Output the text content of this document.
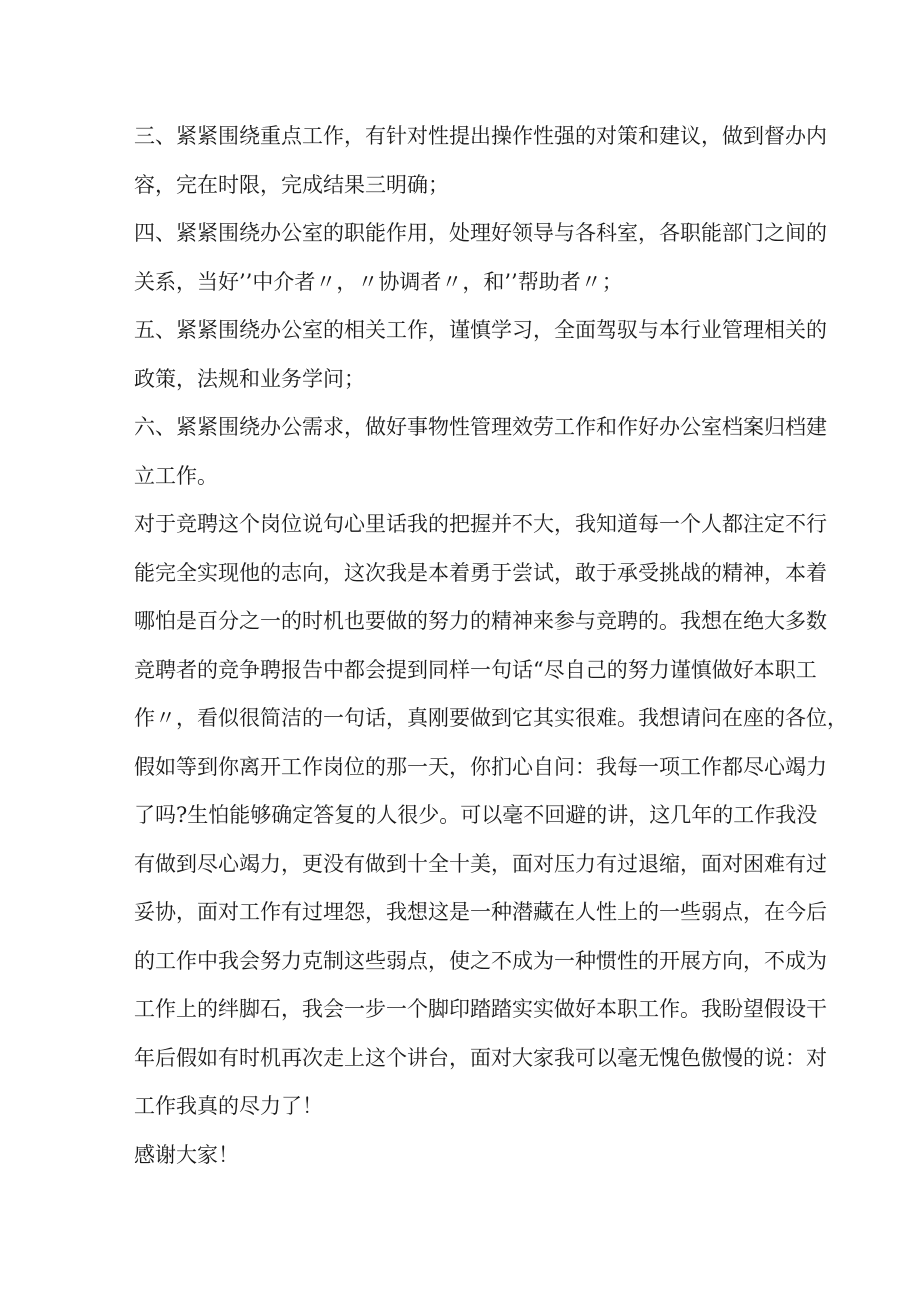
三、紧紧围绕重点工作，有针对性提出操作性强的对策和建议，做到督办内
容，完在时限，完成结果三明确；
四、紧紧围绕办公室的职能作用，处理好领导与各科室，各职能部门之间的
关系，当好’’中介者〃，〃协调者〃，和’’帮助者〃；
五、紧紧围绕办公室的相关工作，谨慎学习，全面驾驭与本行业管理相关的
政策，法规和业务学问；
六、紧紧围绕办公需求，做好事物性管理效劳工作和作好办公室档案归档建
立工作。
对于竞聘这个岗位说句心里话我的把握并不大，我知道每一个人都注定不行
能完全实现他的志向，这次我是本着勇于尝试，敢于承受挑战的精神，本着
哪怕是百分之一的时机也要做的努力的精神来参与竞聘的。我想在绝大多数
竞聘者的竞争聘报告中都会提到同样一句话“尽自己的努力谨慎做好本职工
作〃，看似很简洁的一句话，真刚要做到它其实很难。我想请问在座的各位，
假如等到你离开工作岗位的那一天，你扪心自问：我每一项工作都尽心竭力
了吗?生怕能够确定答复的人很少。可以毫不回避的讲，这几年的工作我没
有做到尽心竭力，更没有做到十全十美，面对压力有过退缩，面对困难有过
妥协，面对工作有过埋怨，我想这是一种潜藏在人性上的一些弱点，在今后
的工作中我会努力克制这些弱点，使之不成为一种惯性的开展方向，不成为
工作上的绊脚石，我会一步一个脚印踏踏实实做好本职工作。我盼望假设干
年后假如有时机再次走上这个讲台，面对大家我可以毫无愧色傲慢的说：对
工作我真的尽力了！
感谢大家！
